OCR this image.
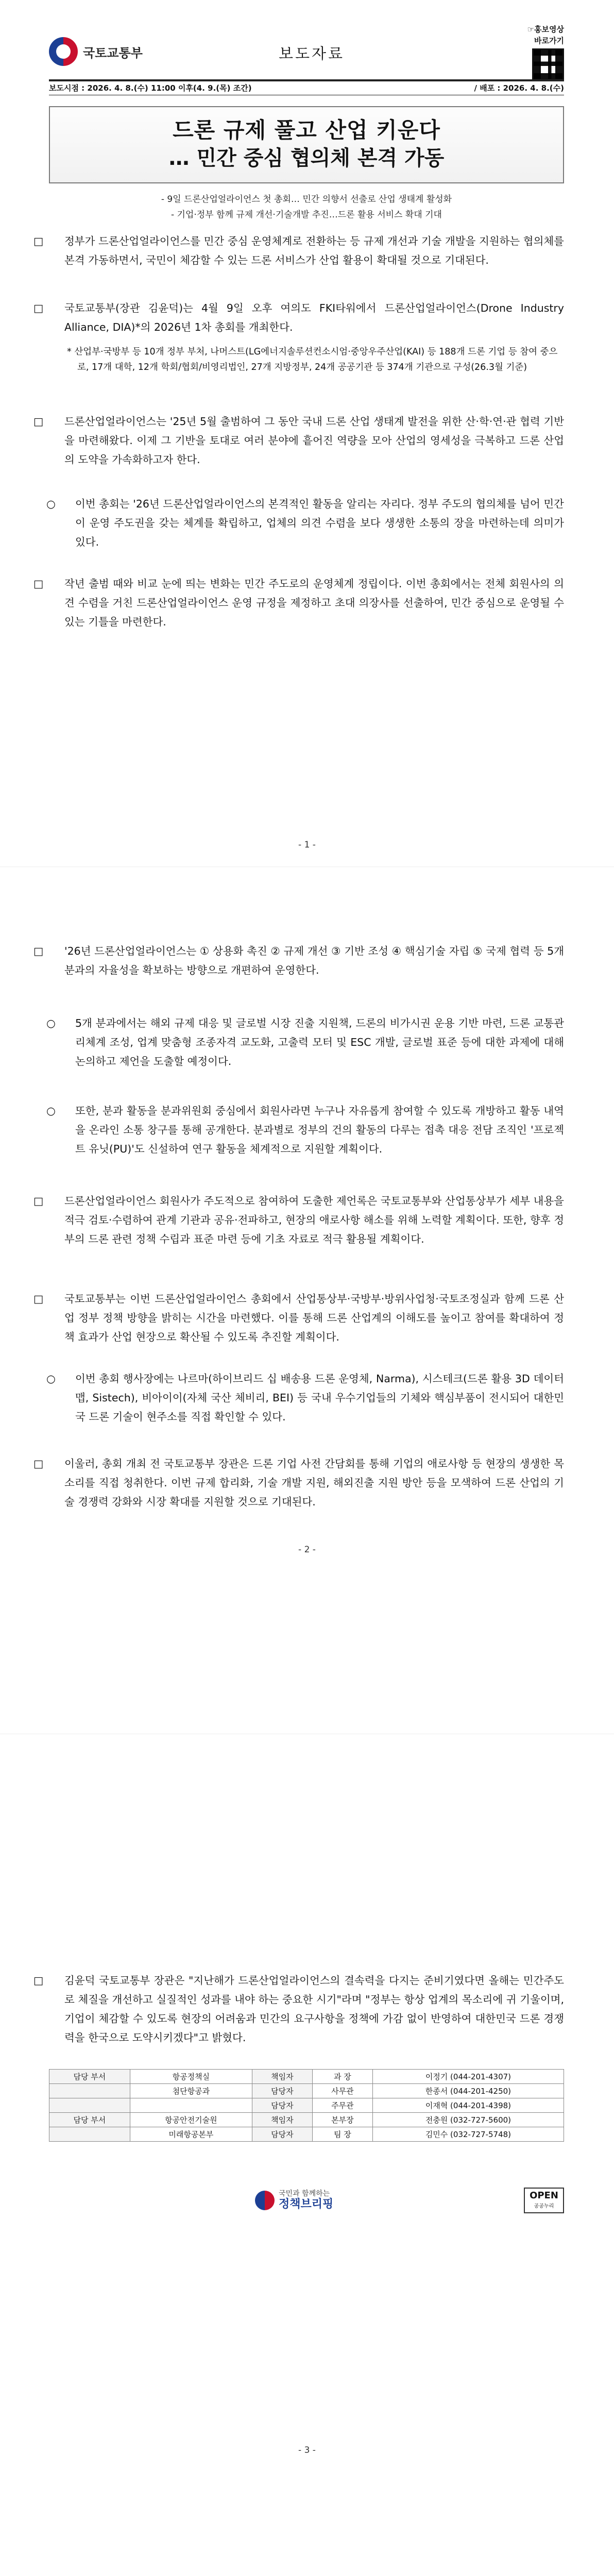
국토교통부	보도자료
☞홍보영상
바로가기
보도시점 : 2026. 4. 8.(수) 11:00 이후(4. 9.(목) 조간)	/ 배포 : 2026. 4. 8.(수)
드론 규제 풀고 산업 키운다
… 민간 중심 협의체 본격 가동
- 9일 드론산업얼라이언스 첫 총회… 민간 의향서 선출로 산업 생태계 활성화
- 기업·정부 함께 규제 개선·기술개발 추진…드론 활용 서비스 확대 기대
□ 정부가 드론산업얼라이언스를 민간 중심 운영체계로 전환하는 등 규제 개선과 기술 개발을 지원하는 협의체를 본격 가동하면서, 국민이 체감할 수 있는 드론 서비스가 산업 활용이 확대될 것으로 기대된다.
□ 국토교통부(장관 김윤덕)는 4월 9일 오후 여의도 FKI타워에서 드론산업얼라이언스(Drone Industry Alliance, DIA)*의 2026년 1차 총회를 개최한다.
* 산업부·국방부 등 10개 정부 부처, 나머스트(LG에너지솔루션컨소시엄·중앙우주산업(KAI) 등 188개 드론 기업 등 참여 중으로, 17개 대학, 12개 학회/협회/비영리법인, 27개 지방정부, 24개 공공기관 등 374개 기관으로 구성(26.3월 기준)
□ 드론산업얼라이언스는 '25년 5월 출범하여 그 동안 국내 드론 산업 생태계 발전을 위한 산·학·연·관 협력 기반을 마련해왔다. 이제 그 기반을 토대로 여러 분야에 흩어진 역량을 모아 산업의 영세성을 극복하고 드론 산업의 도약을 가속화하고자 한다.
○ 이번 총회는 '26년 드론산업얼라이언스의 본격적인 활동을 알리는 자리다. 정부 주도의 협의체를 넘어 민간이 운영 주도권을 갖는 체계를 확립하고, 업체의 의견 수렴을 보다 생생한 소통의 장을 마련하는데 의미가 있다.
□ 작년 출범 때와 비교 눈에 띄는 변화는 민간 주도로의 운영체계 정립이다. 이번 총회에서는 전체 회원사의 의견 수렴을 거친 드론산업얼라이언스 운영 규정을 제정하고 초대 의장사를 선출하여, 민간 중심으로 운영될 수 있는 기틀을 마련한다.
- 1 -
□ '26년 드론산업얼라이언스는 ① 상용화 촉진 ② 규제 개선 ③ 기반 조성 ④ 핵심기술 자립 ⑤ 국제 협력 등 5개 분과의 자율성을 확보하는 방향으로 개편하여 운영한다.
○ 5개 분과에서는 해외 규제 대응 및 글로벌 시장 진출 지원책, 드론의 비가시권 운용 기반 마련, 드론 교통관리체계 조성, 업계 맞춤형 조종자격 교도화, 고출력 모터 및 ESC 개발, 글로벌 표준 등에 대한 과제에 대해 논의하고 제언을 도출할 예정이다.
○ 또한, 분과 활동을 분과위원회 중심에서 회원사라면 누구나 자유롭게 참여할 수 있도록 개방하고 활동 내역을 온라인 소통 창구를 통해 공개한다. 분과별로 정부의 건의 활동의 다루는 접촉 대응 전담 조직인 '프로젝트 유닛(PU)'도 신설하여 연구 활동을 체계적으로 지원할 계획이다.
□ 드론산업얼라이언스 회원사가 주도적으로 참여하여 도출한 제언록은 국토교통부와 산업통상부가 세부 내용을 적극 검토·수렴하여 관계 기관과 공유·전파하고, 현장의 애로사항 해소를 위해 노력할 계획이다. 또한, 향후 정부의 드론 관련 정책 수립과 표준 마련 등에 기초 자료로 적극 활용될 계획이다.
□ 국토교통부는 이번 드론산업얼라이언스 총회에서 산업통상부·국방부·방위사업청·국토조정실과 함께 드론 산업 정부 정책 방향을 밝히는 시간을 마련했다. 이를 통해 드론 산업계의 이해도를 높이고 참여를 확대하여 정책 효과가 산업 현장으로 확산될 수 있도록 추진할 계획이다.
○ 이번 총회 행사장에는 나르마(하이브리드 십 배송용 드론 운영체, Narma), 시스테크(드론 활용 3D 데이터맵, Sistech), 비아이이(자체 국산 체비리, BEI) 등 국내 우수기업들의 기체와 핵심부품이 전시되어 대한민국 드론 기술이 현주소를 직접 확인할 수 있다.
□ 이울러, 총회 개최 전 국토교통부 장관은 드론 기업 사전 간담회를 통해 기업의 애로사항 등 현장의 생생한 목소리를 직접 청취한다. 이번 규제 합리화, 기술 개발 지원, 해외진출 지원 방안 등을 모색하여 드론 산업의 기술 경쟁력 강화와 시장 확대를 지원할 것으로 기대된다.
- 2 -
□ 김윤덕 국토교통부 장관은 "지난해가 드론산업얼라이언스의 결속력을 다지는 준비기였다면 올해는 민간주도로 체질을 개선하고 실질적인 성과를 내야 하는 중요한 시기"라며 "정부는 항상 업계의 목소리에 귀 기울이며, 기업이 체감할 수 있도록 현장의 어려움과 민간의 요구사항을 정책에 가감 없이 반영하여 대한민국 드론 경쟁력을 한국으로 도약시키겠다"고 밝혔다.
담당 부서	항공정책실	책임자	과 장	이정기 (044-201-4307)
	첨단항공과	담당자	사무관	한종서 (044-201-4250)
		담당자	주무관	이재혁 (044-201-4398)
담당 부서	항공안전기술원	책임자	본부장	전충원 (032-727-5600)
	미래항공본부	담당자	팀 장	김민수 (032-727-5748)
국민과 함께하는
정책브리핑
OPEN
공공누리
- 3 -
